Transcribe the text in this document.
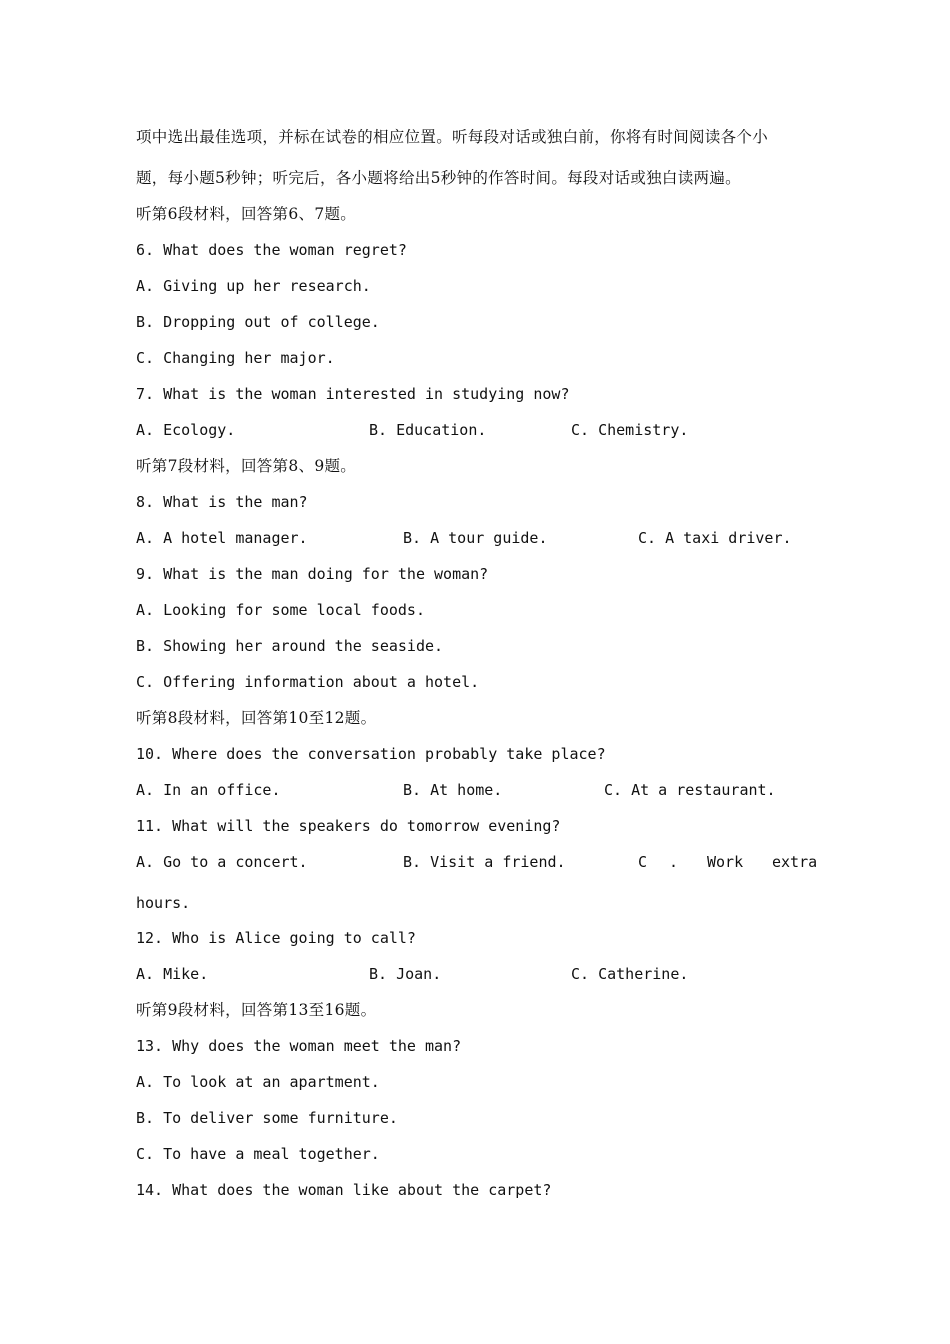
项中选出最佳选项，并标在试卷的相应位置。听每段对话或独白前，你将有时间阅读各个小
题，每小题5秒钟；听完后，各小题将给出5秒钟的作答时间。每段对话或独白读两遍。
听第6段材料，回答第6、7题。
6. What does the woman regret?
A. Giving up her research.
B. Dropping out of college.
C. Changing her major.
7. What is the woman interested in studying now?
A. Ecology.	B. Education.	C. Chemistry.
听第7段材料，回答第8、9题。
8. What is the man?
A. A hotel manager.	B. A tour guide.	C. A taxi driver.
9. What is the man doing for the woman?
A. Looking for some local foods.
B. Showing her around the seaside.
C. Offering information about a hotel.
听第8段材料，回答第10至12题。
10. Where does the conversation probably take place?
A. In an office.	B. At home.	C. At a restaurant.
11. What will the speakers do tomorrow evening?
A. Go to a concert.	B. Visit a friend.	C . Work extra
hours.
12. Who is Alice going to call?
A. Mike.	B. Joan.	C. Catherine.
听第9段材料，回答第13至16题。
13. Why does the woman meet the man?
A. To look at an apartment.
B. To deliver some furniture.
C. To have a meal together.
14. What does the woman like about the carpet?
